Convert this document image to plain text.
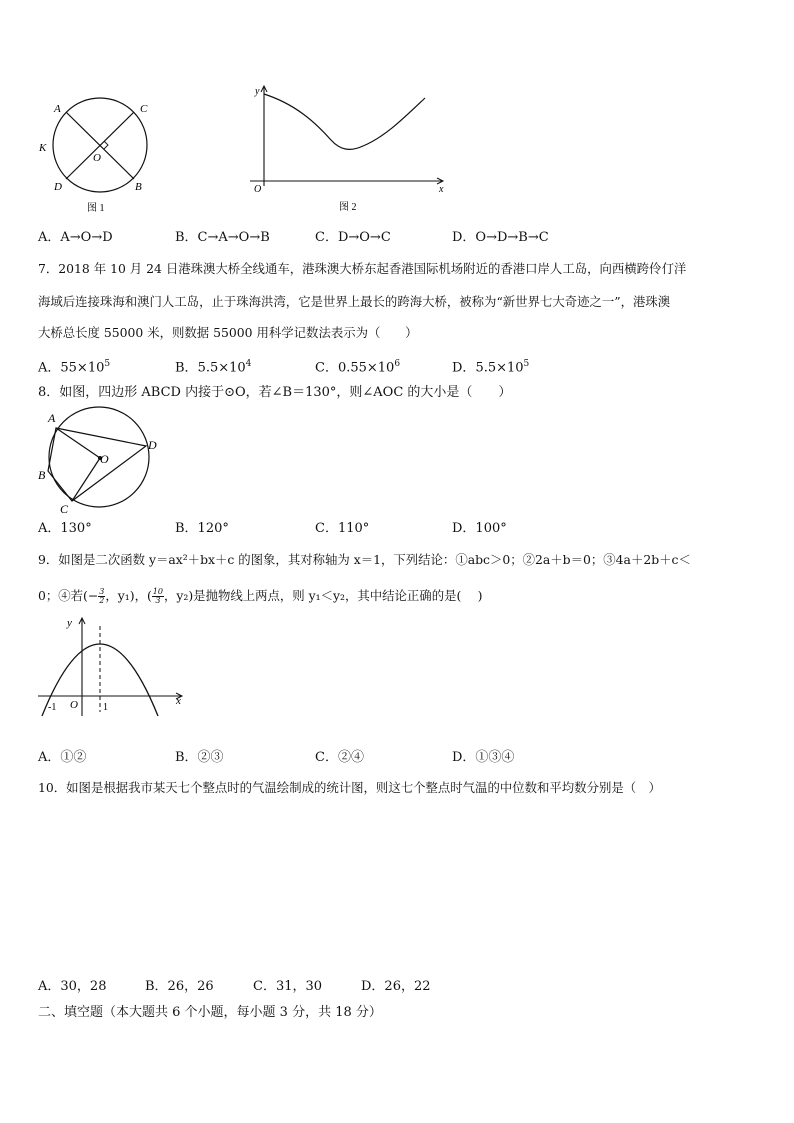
A	C
K
O
D	B
图 1
y
O	x
图 2
A．A→O→D	B．C→A→O→B	C．D→O→C	D．O→D→B→C
7．2018 年 10 月 24 日港珠澳大桥全线通车，港珠澳大桥东起香港国际机场附近的香港口岸人工岛，向西横跨伶仃洋
海域后连接珠海和澳门人工岛，止于珠海洪湾，它是世界上最长的跨海大桥，被称为“新世界七大奇迹之一”，港珠澳
大桥总长度 55000 米，则数据 55000 用科学记数法表示为（　　）
A．$55\times 10^5$	B．$5.5\times 10^4$	C．$0.55\times 10^6$	D．$5.5\times 10^5$
8．如图，四边形 ABCD 内接于⊙O，若∠B＝130°，则∠AOC 的大小是（　　）
A
D
O
B
C
A．130°	B．120°	C．110°	D．100°
9．如图是二次函数 y＝ax²＋bx＋c 的图象，其对称轴为 x＝1，下列结论：①abc＞0；②2a＋b＝0；③4a＋2b＋c＜
0；④若(− $\frac{3}{2}$ ，y₁)，( $\frac{10}{3}$ ，y₂)是抛物线上两点，则 y₁＜y₂，其中结论正确的是(　 )
y
O	x
-1	1
A．①②	B．②③	C．②④	D．①③④
10．如图是根据我市某天七个整点时的气温绘制成的统计图，则这七个整点时气温的中位数和平均数分别是（　）
A．30，28	B．26，26	C．31，30	D．26，22
二、填空题（本大题共 6 个小题，每小题 3 分，共 18 分）
